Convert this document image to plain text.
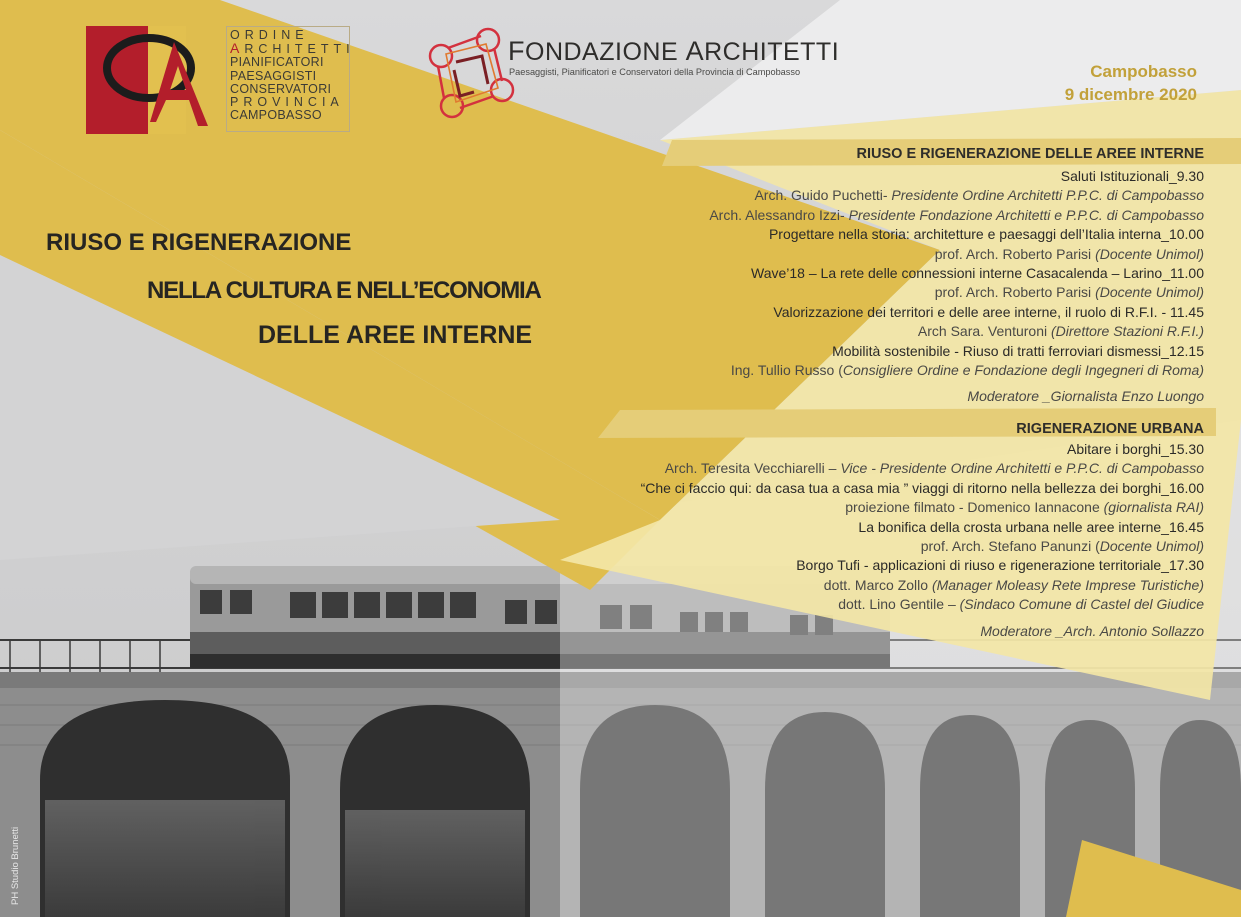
ORDINE
ARCHITETTI
PIANIFICATORI
PAESAGGISTI
CONSERVATORI
PROVINCIA
CAMPOBASSO
FONDAZIONE ARCHITETTI
Paesaggisti, Pianificatori e Conservatori della Provincia di Campobasso	Campobasso
9 dicembre 2020
RIUSO E RIGENERAZIONE
NELLA CULTURA E NELL’ECONOMIA
DELLE AREE INTERNE
RIUSO E RIGENERAZIONE DELLE AREE INTERNE
Saluti Istituzionali_9.30
Arch. Guido Puchetti- Presidente Ordine Architetti P.P.C. di Campobasso
Arch. Alessandro Izzi- Presidente Fondazione Architetti e P.P.C. di Campobasso
Progettare nella storia: architetture e paesaggi dell’Italia interna_10.00
prof. Arch. Roberto Parisi (Docente Unimol)
Wave’18 – La rete delle connessioni interne Casacalenda – Larino_11.00
prof. Arch. Roberto Parisi (Docente Unimol)
Valorizzazione dei territori e delle aree interne, il ruolo di R.F.I. - 11.45
Arch Sara. Venturoni (Direttore Stazioni R.F.I.)
Mobilità sostenibile - Riuso di tratti ferroviari dismessi_12.15
Ing. Tullio Russo (Consigliere Ordine e Fondazione degli Ingegneri di Roma)
Moderatore _Giornalista Enzo Luongo
RIGENERAZIONE URBANA
Abitare i borghi_15.30
Arch. Teresita Vecchiarelli – Vice - Presidente Ordine Architetti e P.P.C. di Campobasso
“Che ci faccio qui: da casa tua a casa mia ” viaggi di ritorno nella bellezza dei borghi_16.00
proiezione filmato - Domenico Iannacone (giornalista RAI)
La bonifica della crosta urbana nelle aree interne_16.45
prof. Arch. Stefano Panunzi (Docente Unimol)
Borgo Tufi - applicazioni di riuso e rigenerazione territoriale_17.30
dott. Marco Zollo (Manager Moleasy Rete Imprese Turistiche)
dott. Lino Gentile – (Sindaco Comune di Castel del Giudice
Moderatore _Arch. Antonio Sollazzo
PH Studio Brunetti
